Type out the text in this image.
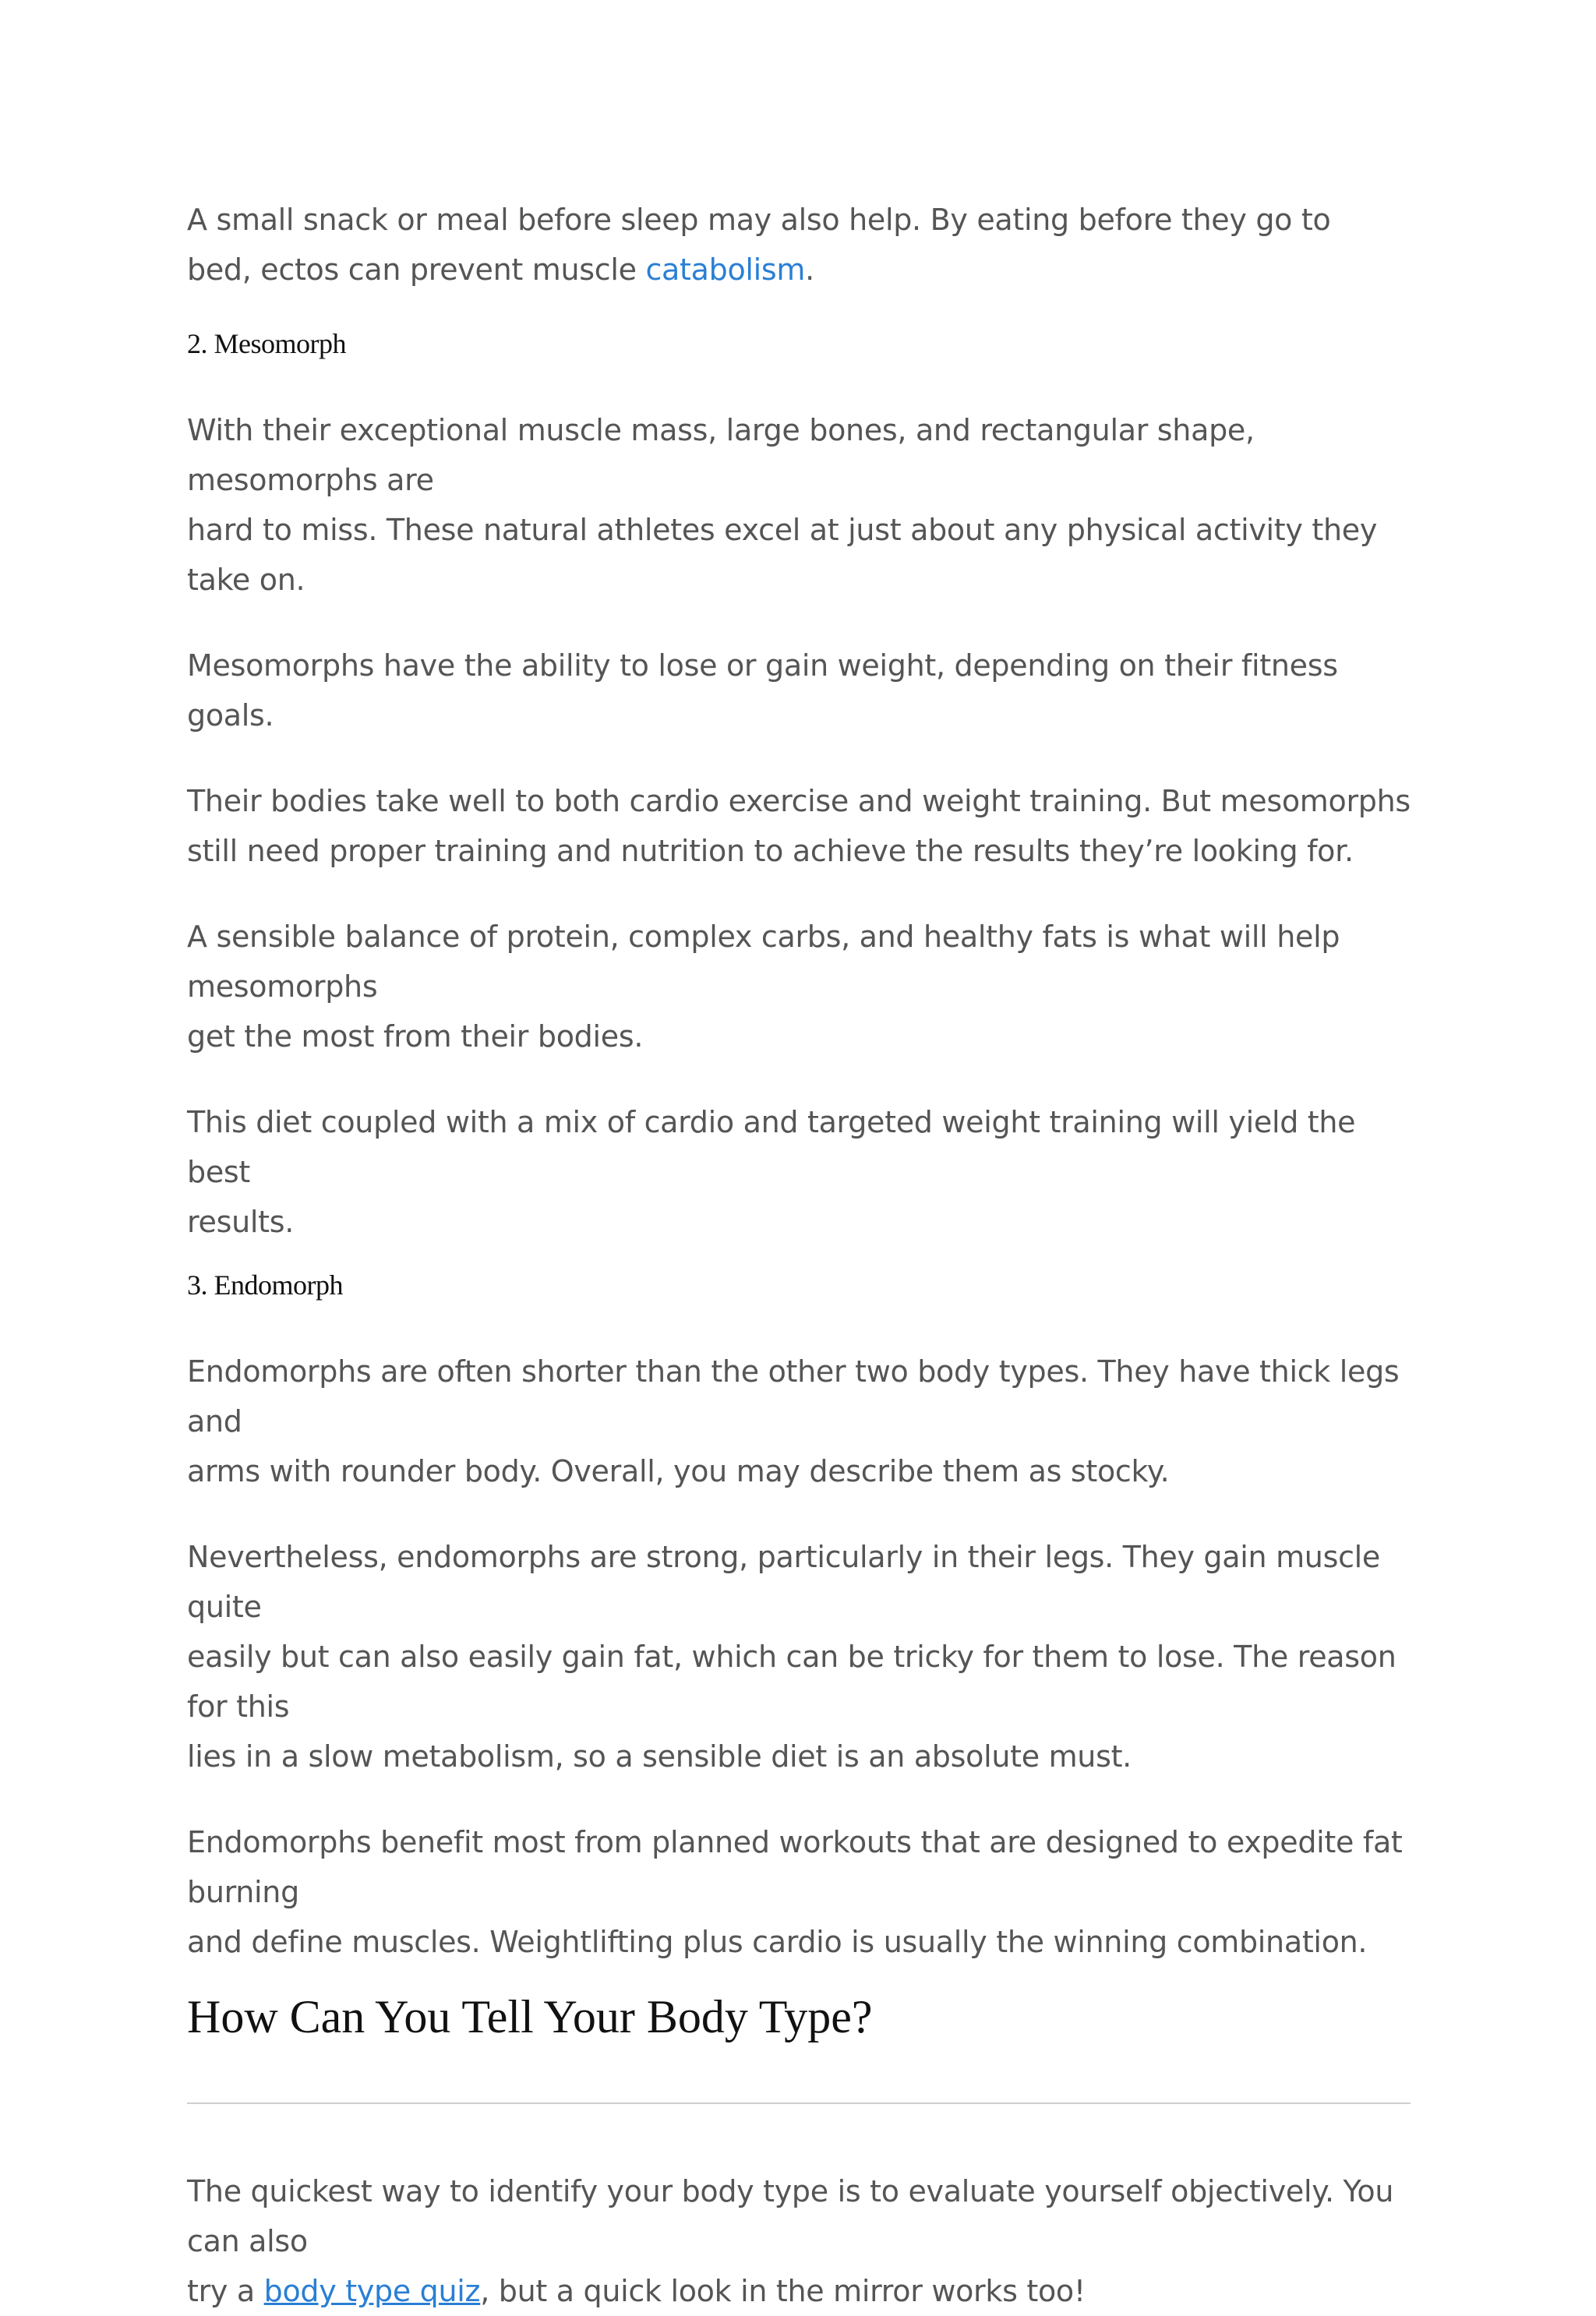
A small snack or meal before sleep may also help. By eating before they go to
bed, ectos can prevent muscle catabolism.

2. Mesomorph

With their exceptional muscle mass, large bones, and rectangular shape, mesomorphs are
hard to miss. These natural athletes excel at just about any physical activity they take on.

Mesomorphs have the ability to lose or gain weight, depending on their fitness goals.

Their bodies take well to both cardio exercise and weight training. But mesomorphs
still need proper training and nutrition to achieve the results they’re looking for.

A sensible balance of protein, complex carbs, and healthy fats is what will help mesomorphs
get the most from their bodies.

This diet coupled with a mix of cardio and targeted weight training will yield the best
results.

3. Endomorph

Endomorphs are often shorter than the other two body types. They have thick legs and
arms with rounder body. Overall, you may describe them as stocky.

Nevertheless, endomorphs are strong, particularly in their legs. They gain muscle quite
easily but can also easily gain fat, which can be tricky for them to lose. The reason for this
lies in a slow metabolism, so a sensible diet is an absolute must.

Endomorphs benefit most from planned workouts that are designed to expedite fat burning
and define muscles. Weightlifting plus cardio is usually the winning combination.

How Can You Tell Your Body Type?

The quickest way to identify your body type is to evaluate yourself objectively. You can also
try a body type quiz, but a quick look in the mirror works too!
